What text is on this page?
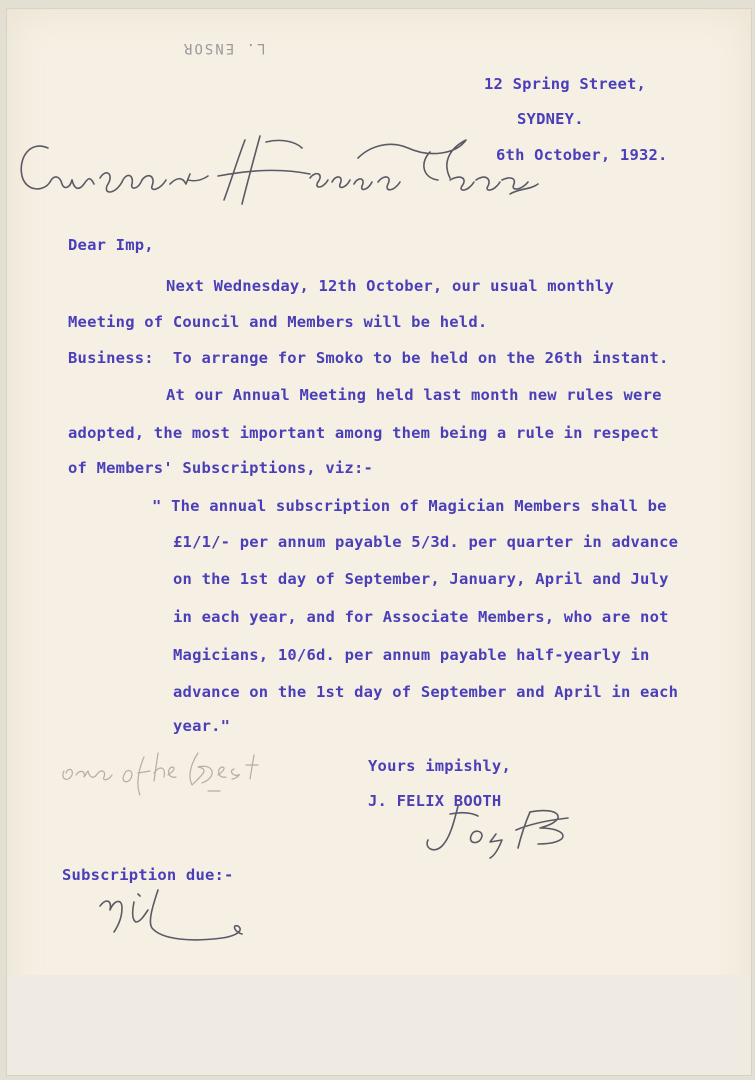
L. ENSOR
12 Spring Street,
SYDNEY.
6th October, 1932.
Dear Imp,
Next Wednesday, 12th October, our usual monthly
Meeting of Council and Members will be held.
Business:  To arrange for Smoko to be held on the 26th instant.
At our Annual Meeting held last month new rules were
adopted, the most important among them being a rule in respect
of Members' Subscriptions, viz:-
" The annual subscription of Magician Members shall be
£1/1/- per annum payable 5/3d. per quarter in advance
on the 1st day of September, January, April and July
in each year, and for Associate Members, who are not
Magicians, 10/6d. per annum payable half-yearly in
advance on the 1st day of September and April in each
year."
Yours impishly,
J. FELIX BOOTH
Subscription due:-
